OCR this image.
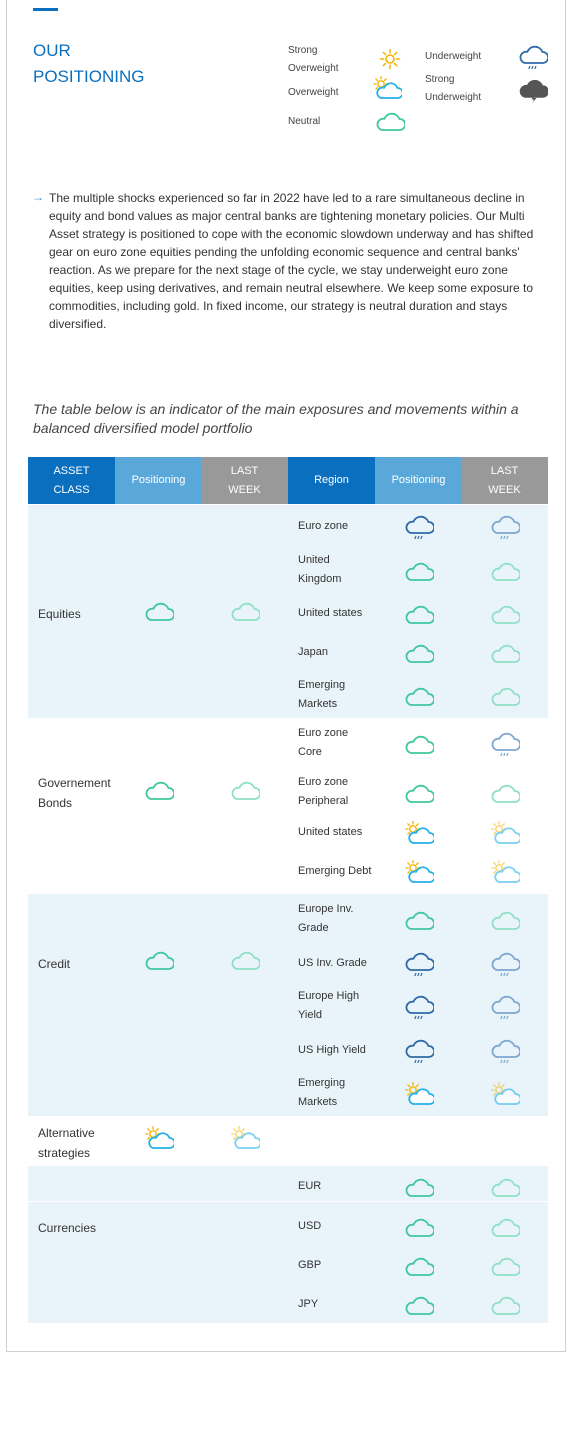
OUR
POSITIONING
Strong
Overweight
Overweight
Neutral
Underweight
Strong
Underweight
→ The multiple shocks experienced so far in 2022 have led to a rare simultaneous decline in equity and bond values as major central banks are tightening monetary policies. Our Multi Asset strategy is positioned to cope with the economic slowdown underway and has shifted gear on euro zone equities pending the unfolding economic sequence and central banks' reaction. As we prepare for the next stage of the cycle, we stay underweight euro zone equities, keep using derivatives, and remain neutral elsewhere. We keep some exposure to commodities, including gold. In fixed income, our strategy is neutral duration and stays diversified.

The table below is an indicator of the main exposures and movements within a balanced diversified model portfolio

ASSET
CLASS
Positioning
LAST
WEEK
Region	Positioning
LAST
WEEK
Equities
Governement
Bonds
Credit
Alternative
strategies
Currencies
Euro zone
United
Kingdom
United states
Japan
Emerging
Markets
Euro zone
Core
Euro zone
Peripheral
United states
Emerging Debt
Europe Inv.
Grade
US Inv. Grade
Europe High
Yield
US High Yield
Emerging
Markets
EUR
USD
GBP
JPY
